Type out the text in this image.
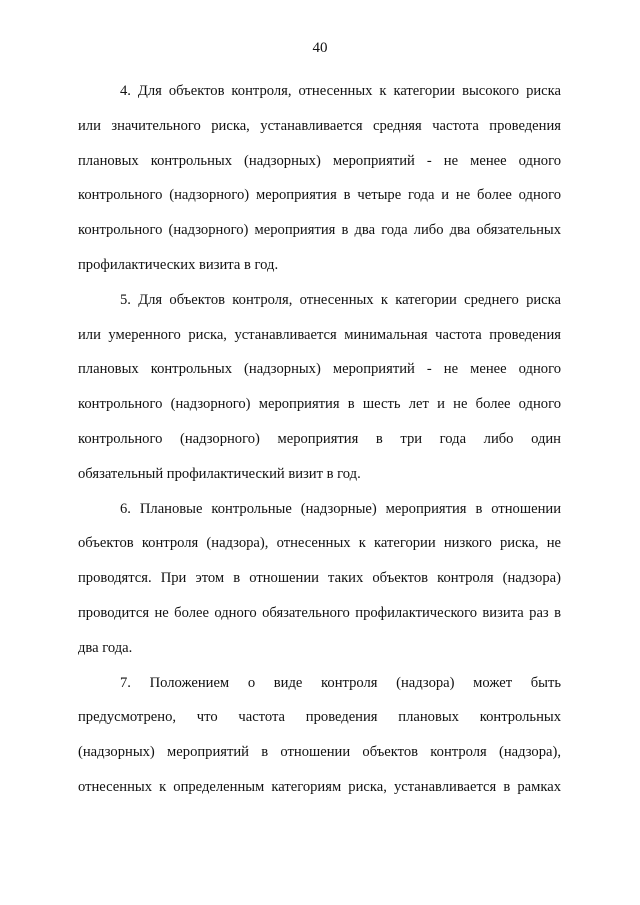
40
4. Для объектов контроля, отнесенных к категории высокого риска
или значительного риска, устанавливается средняя частота проведения
плановых контрольных (надзорных) мероприятий - не менее одного
контрольного (надзорного) мероприятия в четыре года и не более одного
контрольного (надзорного) мероприятия в два года либо два обязательных
профилактических визита в год.
5. Для объектов контроля, отнесенных к категории среднего риска
или умеренного риска, устанавливается минимальная частота проведения
плановых контрольных (надзорных) мероприятий - не менее одного
контрольного (надзорного) мероприятия в шесть лет и не более одного
контрольного (надзорного) мероприятия в три года либо один
обязательный профилактический визит в год.
6. Плановые контрольные (надзорные) мероприятия в отношении
объектов контроля (надзора), отнесенных к категории низкого риска, не
проводятся. При этом в отношении таких объектов контроля (надзора)
проводится не более одного обязательного профилактического визита раз в
два года.
7. Положением о виде контроля (надзора) может быть
предусмотрено, что частота проведения плановых контрольных
(надзорных) мероприятий в отношении объектов контроля (надзора),
отнесенных к определенным категориям риска, устанавливается в рамках
